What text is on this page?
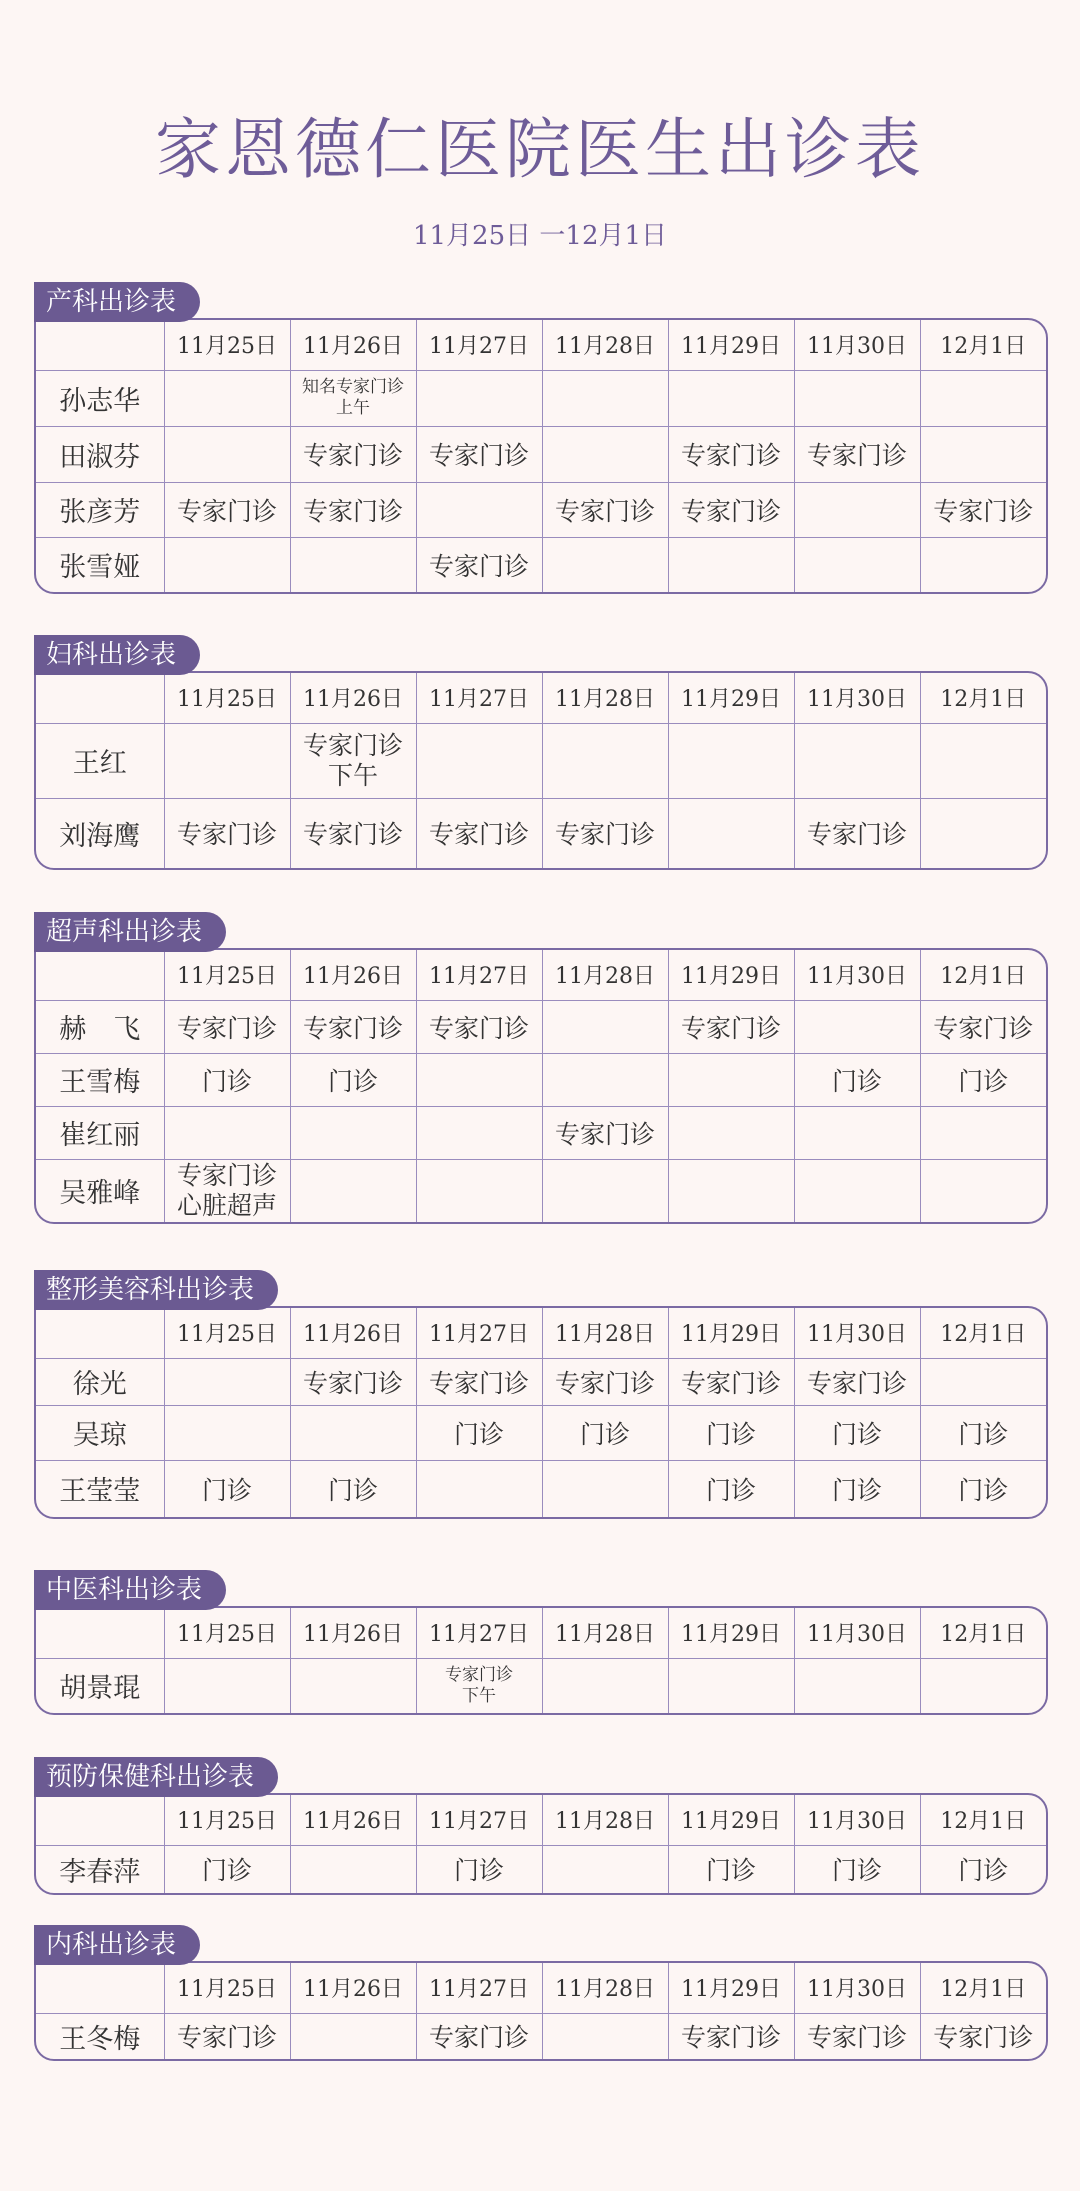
家恩德仁医院医生出诊表
11月25日 一12月1日
产科出诊表
	11月25日	11月26日	11月27日	11月28日	11月29日	11月30日	12月1日
孙志华		知名专家门诊
上午					
田淑芬		专家门诊	专家门诊		专家门诊	专家门诊	
张彦芳	专家门诊	专家门诊		专家门诊	专家门诊		专家门诊
张雪娅			专家门诊				
妇科出诊表
	11月25日	11月26日	11月27日	11月28日	11月29日	11月30日	12月1日
王红		专家门诊
下午					
刘海鹰	专家门诊	专家门诊	专家门诊	专家门诊		专家门诊	
超声科出诊表
	11月25日	11月26日	11月27日	11月28日	11月29日	11月30日	12月1日
赫　飞	专家门诊	专家门诊	专家门诊		专家门诊		专家门诊
王雪梅	门诊	门诊				门诊	门诊
崔红丽				专家门诊			
吴雅峰	专家门诊
心脏超声						
整形美容科出诊表
	11月25日	11月26日	11月27日	11月28日	11月29日	11月30日	12月1日
徐光		专家门诊	专家门诊	专家门诊	专家门诊	专家门诊	
吴琼			门诊	门诊	门诊	门诊	门诊
王莹莹	门诊	门诊			门诊	门诊	门诊
中医科出诊表
	11月25日	11月26日	11月27日	11月28日	11月29日	11月30日	12月1日
胡景琨			专家门诊
下午				
预防保健科出诊表
	11月25日	11月26日	11月27日	11月28日	11月29日	11月30日	12月1日
李春萍	门诊		门诊		门诊	门诊	门诊
内科出诊表
	11月25日	11月26日	11月27日	11月28日	11月29日	11月30日	12月1日
王冬梅	专家门诊		专家门诊		专家门诊	专家门诊	专家门诊
